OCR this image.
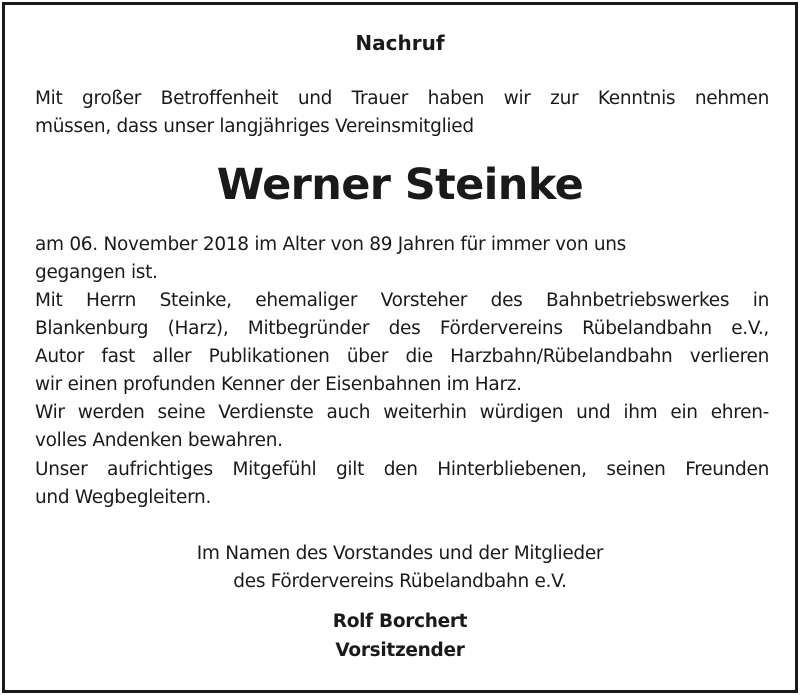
Nachruf
Mit großer Betroffenheit und Trauer haben wir zur Kenntnis nehmen
müssen, dass unser langjähriges Vereinsmitglied
Werner Steinke
am 06. November 2018 im Alter von 89 Jahren für immer von uns
gegangen ist.
Mit Herrn Steinke, ehemaliger Vorsteher des Bahnbetriebswerkes in
Blankenburg (Harz), Mitbegründer des Fördervereins Rübelandbahn e.V.,
Autor fast aller Publikationen über die Harzbahn/Rübelandbahn verlieren
wir einen profunden Kenner der Eisenbahnen im Harz.
Wir werden seine Verdienste auch weiterhin würdigen und ihm ein ehren-
volles Andenken bewahren.
Unser aufrichtiges Mitgefühl gilt den Hinterbliebenen, seinen Freunden
und Wegbegleitern.
Im Namen des Vorstandes und der Mitglieder
des Fördervereins Rübelandbahn e.V.
Rolf Borchert
Vorsitzender
